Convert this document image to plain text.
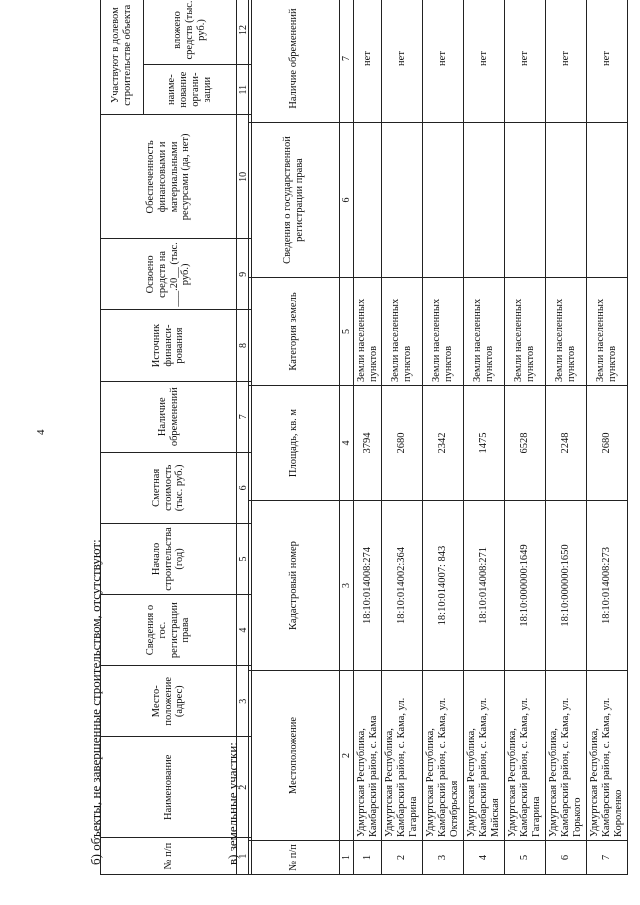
4
б) объекты, не завершенные строительством, отсутствуют:	№ п/п	Наименование	Место-положение (адрес)	Сведения о гос. регистрации права	Начало строительства (год)	Сметная стоимость (тыс. руб.)	Наличие обременений	Источник финанси-рования	Освоено средств на ___.20__ (тыс. руб.)	Обеспеченность финансовыми и материальными ресурсами (да, нет)	Участвуют в долевом строительстве объекта	
										наиме-нование органи-зации	вложено средств (тыс. руб.)
1	2	3	4	5	6	7	8	9	10	11	12
в) земельные участки:	№ п/п	Местоположение	Кадастровый номер	Площадь, кв. м	Категория земель	Сведения о государственной регистрации права	Наличие обременений
1	2	3	4	5	6	7
1	Удмуртская Республика, Камбарский район, с. Кама	18:10:014008:274	3794	Земли населенных пунктов		нет
2	Удмуртская Республика, Камбарский район, с. Кама, ул. Гагарина	18:10:014002:364	2680	Земли населенных пунктов		нет
3	Удмуртская Республика, Камбарский район, с. Кама, ул. Октябрьская	18:10:014007: 843	2342	Земли населенных пунктов		нет
4	Удмуртская Республика, Камбарский район, с. Кама, ул. Майская	18:10:014008:271	1475	Земли населенных пунктов		нет
5	Удмуртская Республика, Камбарский район, с. Кама, ул. Гагарина	18:10:000000:1649	6528	Земли населенных пунктов		нет
6	Удмуртская Республика, Камбарский район, с. Кама, ул. Горького	18:10:000000:1650	2248	Земли населенных пунктов		нет
7	Удмуртская Республика, Камбарский район, с. Кама, ул. Короленко	18:10:014008:273	2680	Земли населенных пунктов		нет
